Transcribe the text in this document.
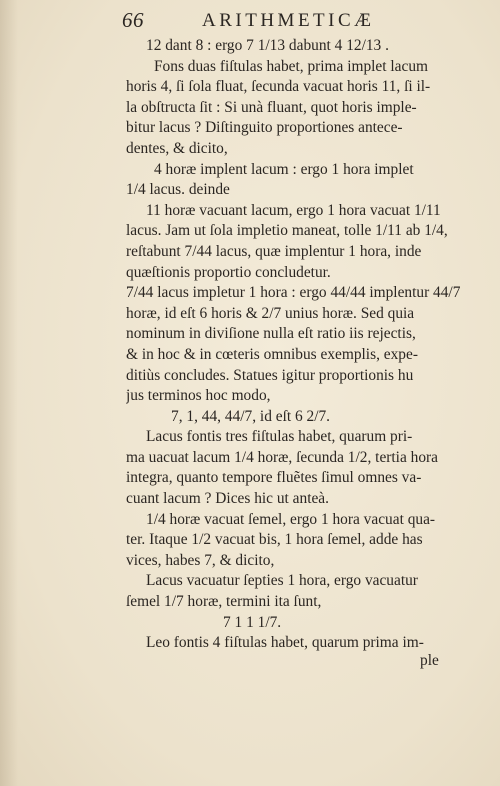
66	ARITHMETICÆ
12 dant 8 : ergo 7 1/13 dabunt 4 12/13 .
Fons duas fiſtulas habet, prima implet lacum
horis 4, ſi ſola fluat, ſecunda vacuat horis 11, ſi il-
la obſtructa ſit : Si unà fluant, quot horis imple-
bitur lacus ? Diſtinguito proportiones antece-
dentes, & dicito,
4 horæ implent lacum : ergo 1 hora implet
1/4 lacus. deinde
11 horæ vacuant lacum, ergo 1 hora vacuat 1/11
lacus. Jam ut ſola impletio maneat, tolle 1/11 ab 1/4,
reſtabunt 7/44 lacus, quæ implentur 1 hora, inde
quæſtionis proportio concludetur.
7/44 lacus impletur 1 hora : ergo 44/44 implentur 44/7
horæ, id eſt 6 horis & 2/7 unius horæ. Sed quia
nominum in diviſione nulla eſt ratio iis rejectis,
& in hoc & in cœteris omnibus exemplis, expe-
ditiùs concludes. Statues igitur proportionis hu
jus terminos hoc modo,
7, 1, 44, 44/7, id eſt 6 2/7.
Lacus fontis tres fiſtulas habet, quarum pri-
ma uacuat lacum 1/4 horæ, ſecunda 1/2, tertia hora
integra, quanto tempore fluẽtes ſimul omnes va-
cuant lacum ? Dices hic ut anteà.
1/4 horæ vacuat ſemel, ergo 1 hora vacuat qua-
ter. Itaque 1/2 vacuat bis, 1 hora ſemel, adde has
vices, habes 7, & dicito,
Lacus vacuatur ſepties 1 hora, ergo vacuatur
ſemel 1/7 horæ, termini ita ſunt,
7 1 1 1/7.
Leo fontis 4 fiſtulas habet, quarum prima im-
ple
